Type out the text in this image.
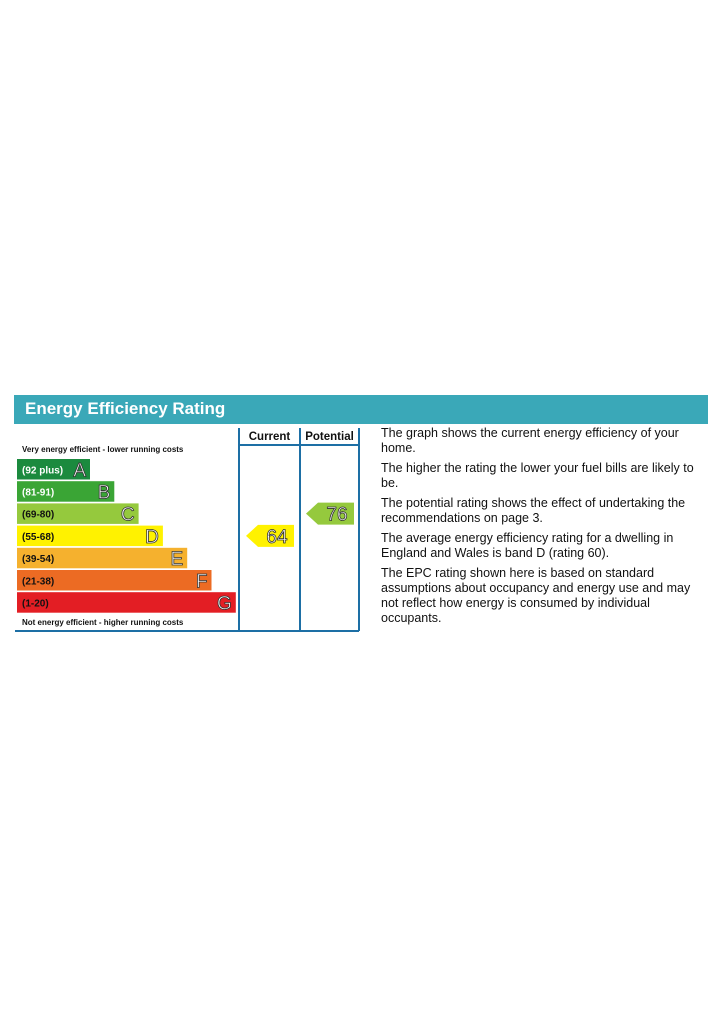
Energy Efficiency Rating
Current Potential
Very energy efficient - lower running costs
Not energy efficient - higher running costs
(92 plus) A
(81-91) B
(69-80)	C
(55-68)	D
(39-54)	E
(21-38)	F
(1-20)	G
64
76

The graph shows the current energy efficiency of your home.

The higher the rating the lower your fuel bills are likely to be.

The potential rating shows the effect of undertaking the recommendations on page 3.

The average energy efficiency rating for a dwelling in England and Wales is band D (rating 60).

The EPC rating shown here is based on standard assumptions about occupancy and energy use and may not reflect how energy is consumed by individual occupants.
